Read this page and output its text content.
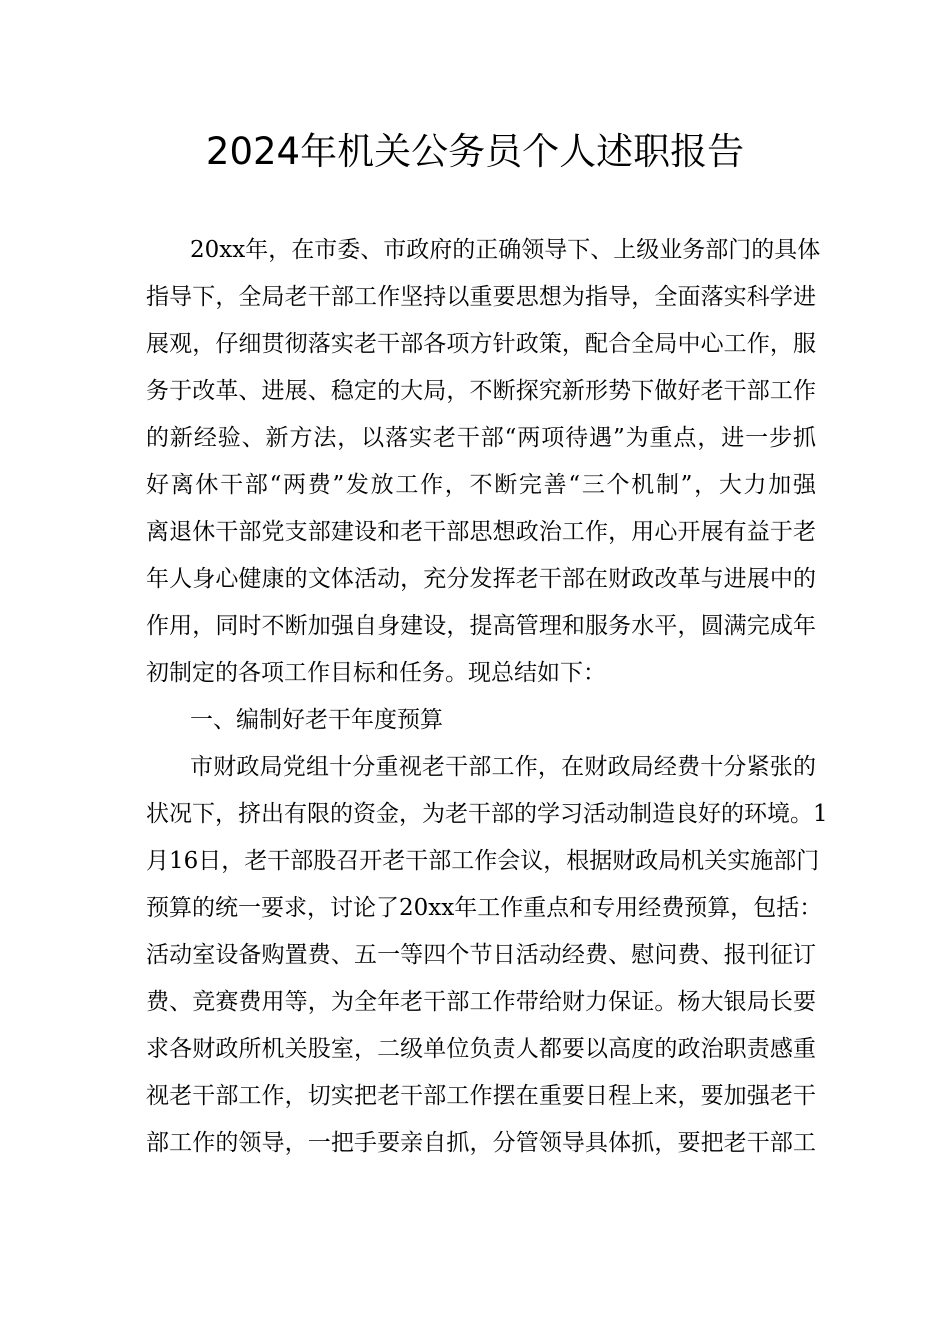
2024年机关公务员个人述职报告

20xx年，在市委、市政府的正确领导下、上级业务部门的具体

指导下，全局老干部工作坚持以重要思想为指导，全面落实科学进

展观，仔细贯彻落实老干部各项方针政策，配合全局中心工作，服

务于改革、进展、稳定的大局，不断探究新形势下做好老干部工作

的新经验、新方法，以落实老干部“两项待遇”为重点，进一步抓

好离休干部“两费”发放工作，不断完善“三个机制”，大力加强

离退休干部党支部建设和老干部思想政治工作，用心开展有益于老

年人身心健康的文体活动，充分发挥老干部在财政改革与进展中的

作用，同时不断加强自身建设，提高管理和服务水平，圆满完成年

初制定的各项工作目标和任务。现总结如下：

一、编制好老干年度预算

市财政局党组十分重视老干部工作，在财政局经费十分紧张的

状况下，挤出有限的资金，为老干部的学习活动制造良好的环境。1

月16日，老干部股召开老干部工作会议，根据财政局机关实施部门

预算的统一要求，讨论了20xx年工作重点和专用经费预算，包括：

活动室设备购置费、五一等四个节日活动经费、慰问费、报刊征订

费、竞赛费用等，为全年老干部工作带给财力保证。杨大银局长要

求各财政所机关股室，二级单位负责人都要以高度的政治职责感重

视老干部工作，切实把老干部工作摆在重要日程上来，要加强老干

部工作的领导，一把手要亲自抓，分管领导具体抓，要把老干部工
